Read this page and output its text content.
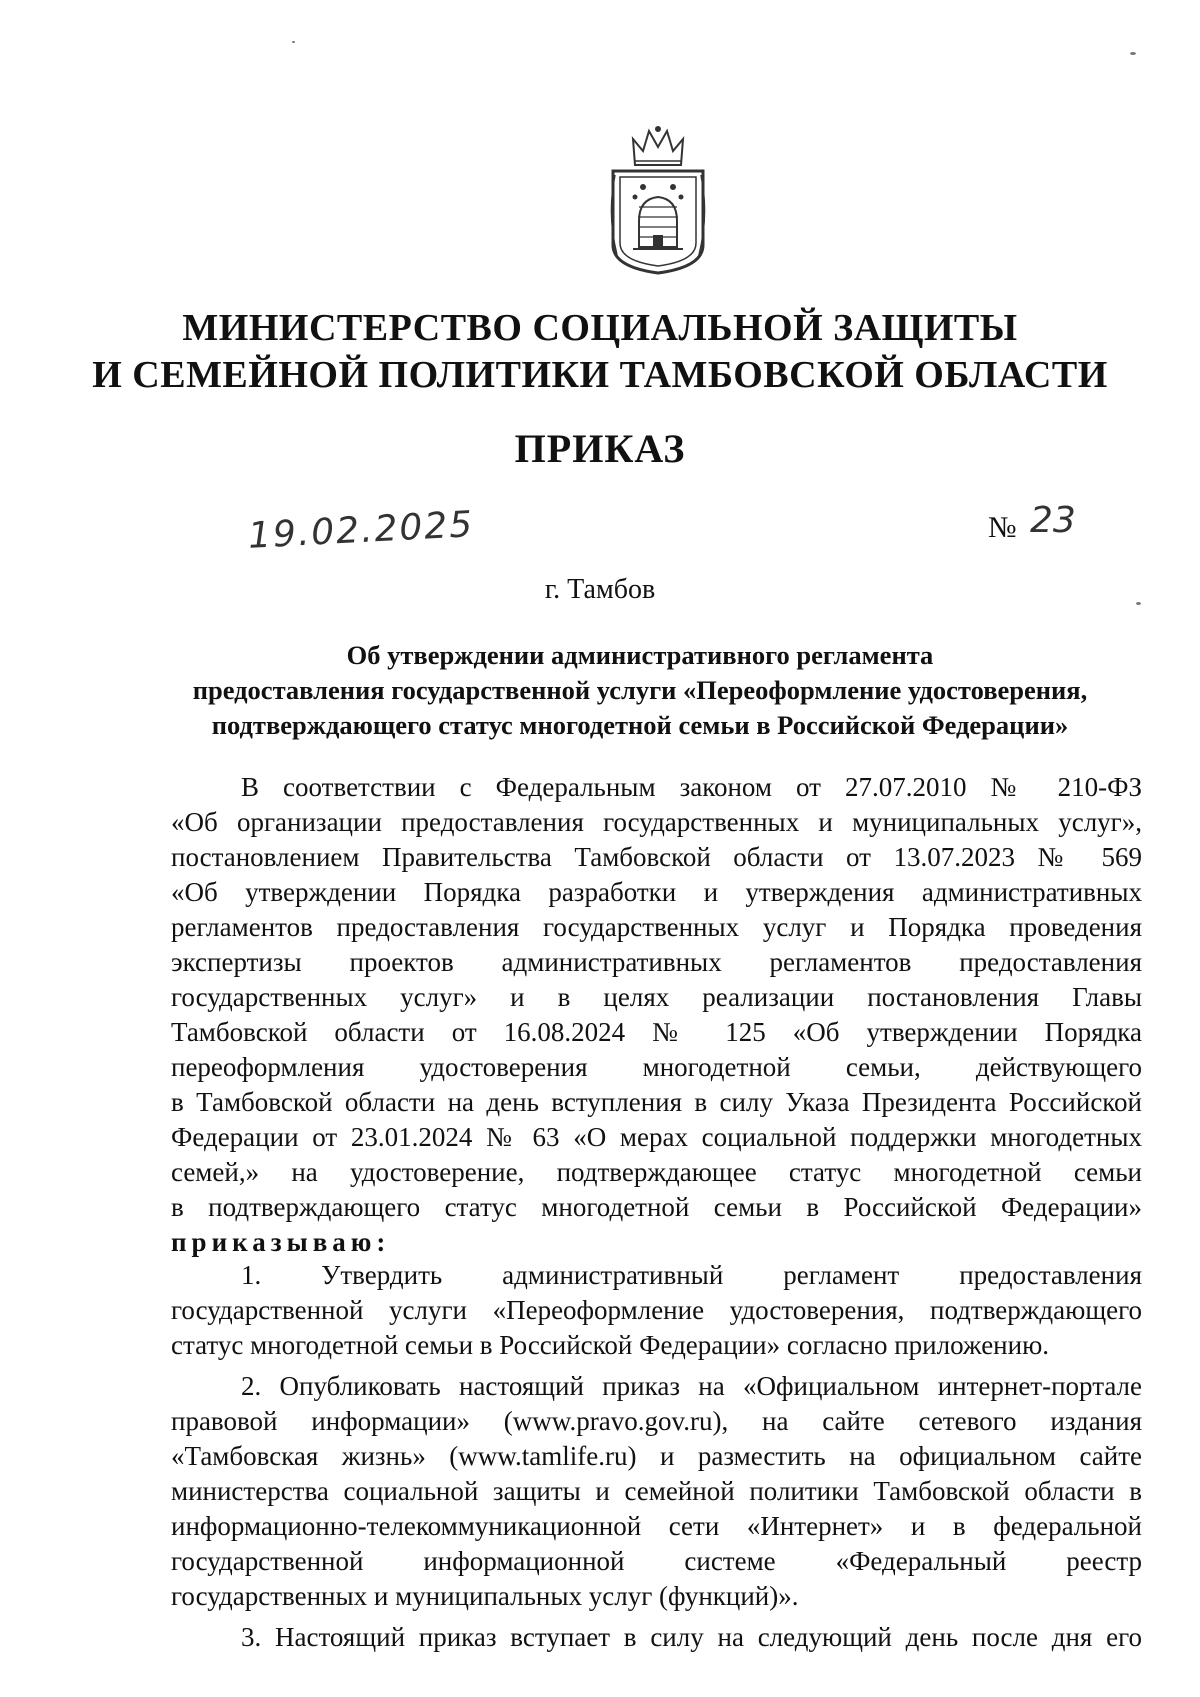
МИНИСТЕРСТВО СОЦИАЛЬНОЙ ЗАЩИТЫ
И СЕМЕЙНОЙ ПОЛИТИКИ ТАМБОВСКОЙ ОБЛАСТИ
ПРИКАЗ
19.02.2025	№ 23
г. Тамбов
Об утверждении административного регламента
предоставления государственной услуги «Переоформление удостоверения,
подтверждающего статус многодетной семьи в Российской Федерации»
В соответствии с Федеральным законом от 27.07.2010 № 210-ФЗ
«Об организации предоставления государственных и муниципальных услуг»,
постановлением Правительства Тамбовской области от 13.07.2023 № 569
«Об утверждении Порядка разработки и утверждения административных
регламентов предоставления государственных услуг и Порядка проведения
экспертизы проектов административных регламентов предоставления
государственных услуг» и в целях реализации постановления Главы
Тамбовской области от 16.08.2024 № 125 «Об утверждении Порядка
переоформления удостоверения многодетной семьи, действующего
в Тамбовской области на день вступления в силу Указа Президента Российской
Федерации от 23.01.2024 № 63 «О мерах социальной поддержки многодетных
семей,» на удостоверение, подтверждающее статус многодетной семьи
в подтверждающего статус многодетной семьи в Российской Федерации»
приказываю:
1. Утвердить административный регламент предоставления
государственной услуги «Переоформление удостоверения, подтверждающего
статус многодетной семьи в Российской Федерации» согласно приложению.
2. Опубликовать настоящий приказ на «Официальном интернет-портале
правовой информации» (www.pravo.gov.ru), на сайте сетевого издания
«Тамбовская жизнь» (www.tamlife.ru) и разместить на официальном сайте
министерства социальной защиты и семейной политики Тамбовской области в
информационно-телекоммуникационной сети «Интернет» и в федеральной
государственной информационной системе «Федеральный реестр
государственных и муниципальных услуг (функций)».
3. Настоящий приказ вступает в силу на следующий день после дня его
